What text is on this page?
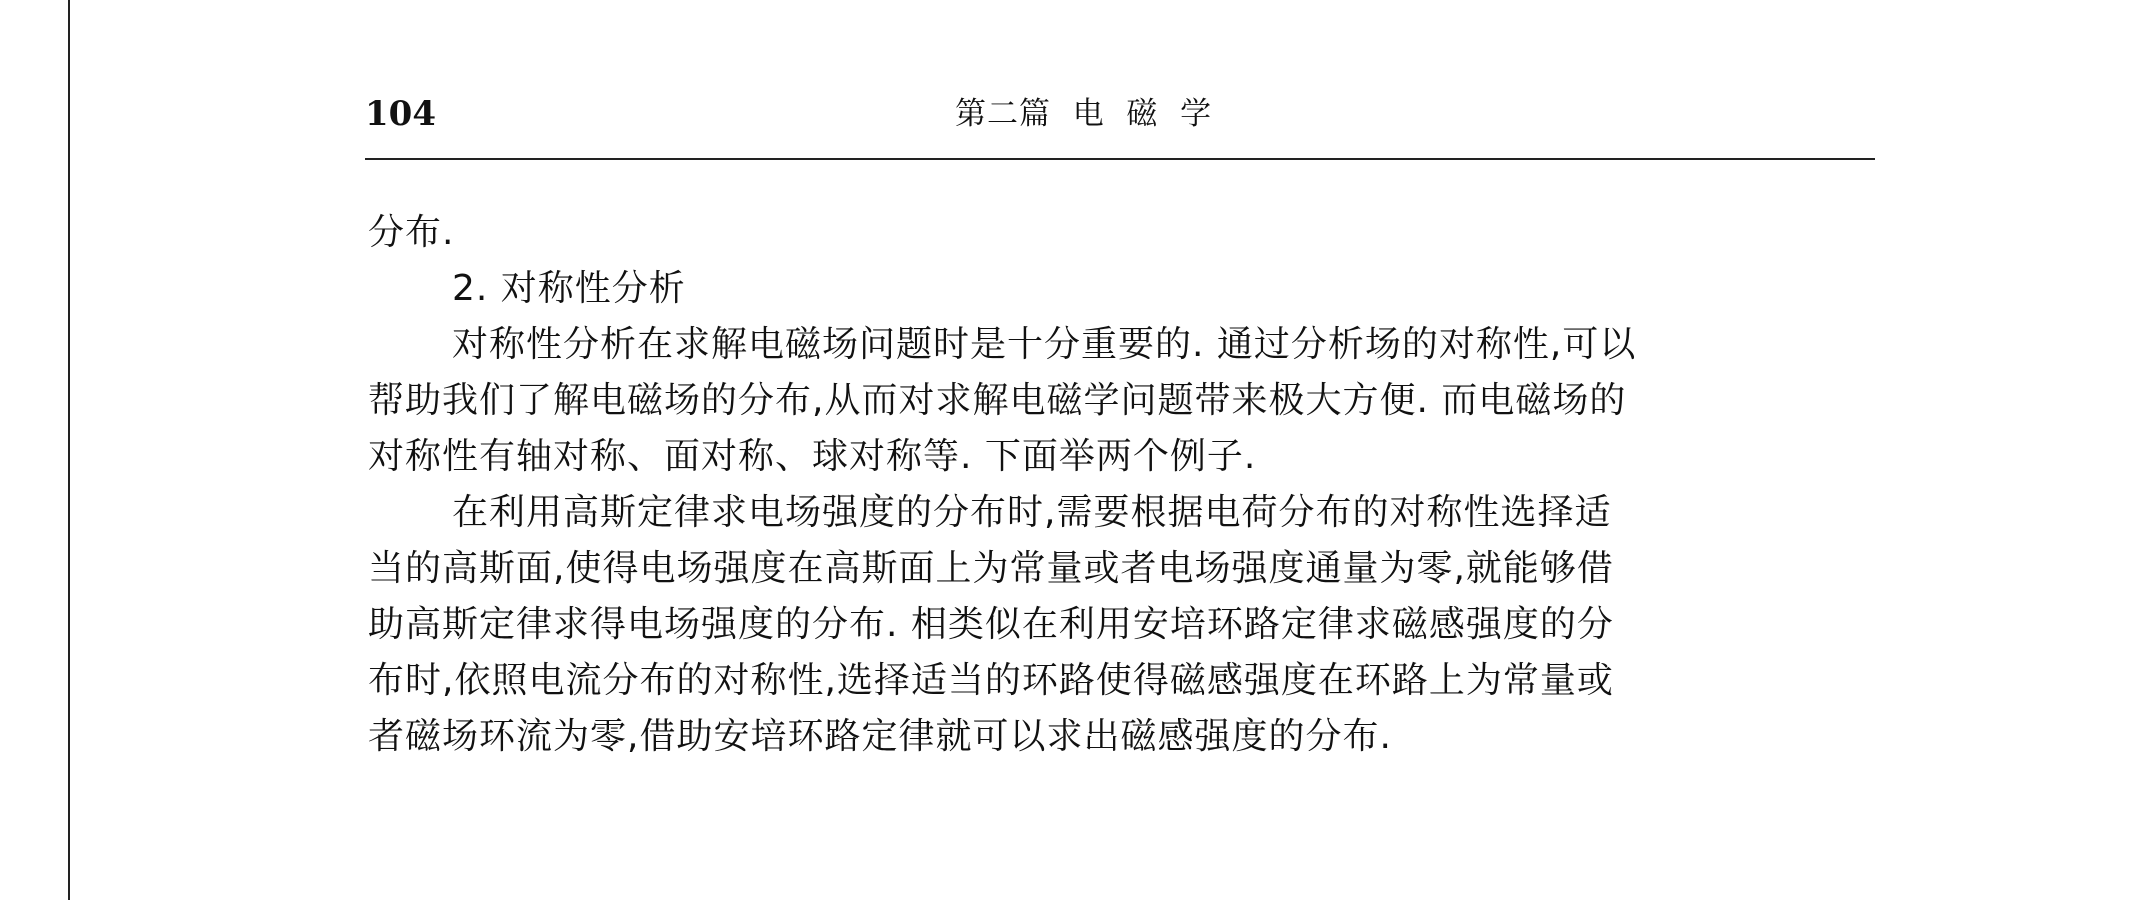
104	第二篇  电  磁  学
分布.
2. 对称性分析
对称性分析在求解电磁场问题时是十分重要的. 通过分析场的对称性,可以
帮助我们了解电磁场的分布,从而对求解电磁学问题带来极大方便. 而电磁场的
对称性有轴对称、面对称、球对称等. 下面举两个例子.
在利用高斯定律求电场强度的分布时,需要根据电荷分布的对称性选择适
当的高斯面,使得电场强度在高斯面上为常量或者电场强度通量为零,就能够借
助高斯定律求得电场强度的分布. 相类似在利用安培环路定律求磁感强度的分
布时,依照电流分布的对称性,选择适当的环路使得磁感强度在环路上为常量或
者磁场环流为零,借助安培环路定律就可以求出磁感强度的分布.
